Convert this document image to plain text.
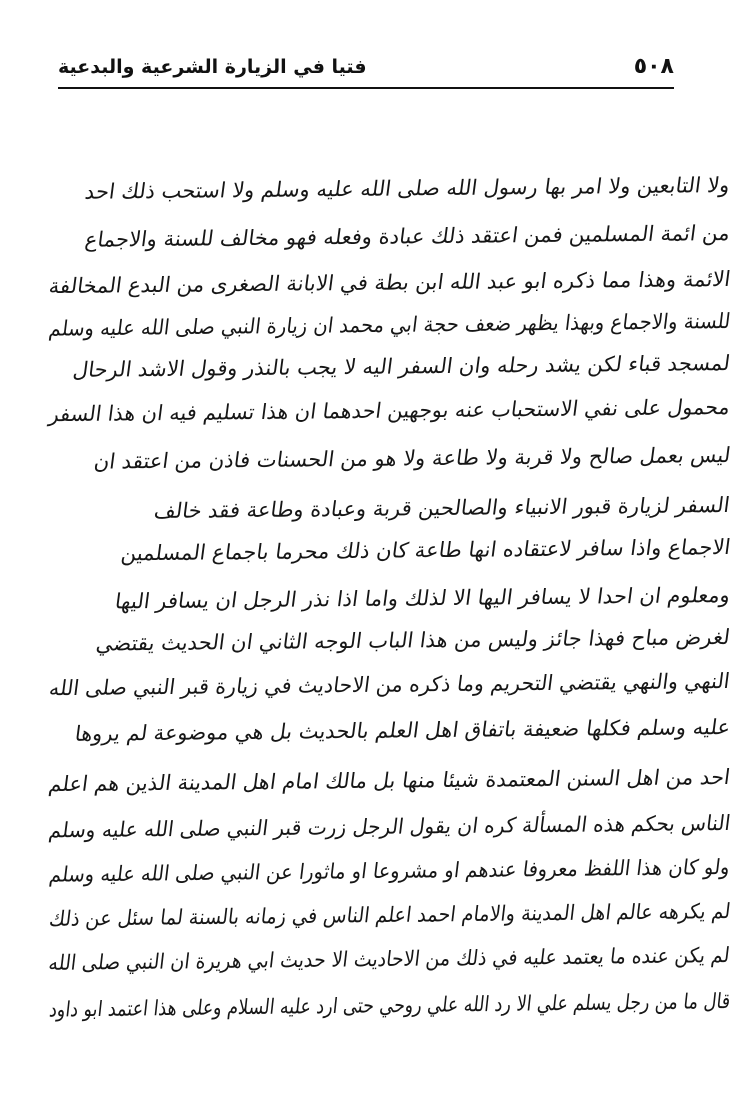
٥٠٨
فتيا في الزيارة الشرعية والبدعية
ولا التابعين ولا امر بها رسول الله صلى الله عليه وسلم ولا استحب ذلك احد
من ائمة المسلمين فمن اعتقد ذلك عبادة وفعله فهو مخالف للسنة والاجماع
الائمة وهذا مما ذكره ابو عبد الله ابن بطة في الابانة الصغرى من البدع المخالفة
للسنة والاجماع وبهذا يظهر ضعف حجة ابي محمد ان زيارة النبي صلى الله عليه وسلم
لمسجد قباء لكن يشد رحله وان السفر اليه لا يجب بالنذر وقول الاشد الرحال
محمول على نفي الاستحباب عنه بوجهين احدهما ان هذا تسليم فيه ان هذا السفر
ليس بعمل صالح ولا قربة ولا طاعة ولا هو من الحسنات فاذن من اعتقد ان
السفر لزيارة قبور الانبياء والصالحين قربة وعبادة وطاعة فقد خالف
الاجماع واذا سافر لاعتقاده انها طاعة كان ذلك محرما باجماع المسلمين
ومعلوم ان احدا لا يسافر اليها الا لذلك واما اذا نذر الرجل ان يسافر اليها
لغرض مباح فهذا جائز وليس من هذا الباب الوجه الثاني ان الحديث يقتضي
النهي والنهي يقتضي التحريم وما ذكره من الاحاديث في زيارة قبر النبي صلى الله
عليه وسلم فكلها ضعيفة باتفاق اهل العلم بالحديث بل هي موضوعة لم يروها
احد من اهل السنن المعتمدة شيئا منها بل مالك امام اهل المدينة الذين هم اعلم
الناس بحكم هذه المسألة كره ان يقول الرجل زرت قبر النبي صلى الله عليه وسلم
ولو كان هذا اللفظ معروفا عندهم او مشروعا او ماثورا عن النبي صلى الله عليه وسلم
لم يكرهه عالم اهل المدينة والامام احمد اعلم الناس في زمانه بالسنة لما سئل عن ذلك
لم يكن عنده ما يعتمد عليه في ذلك من الاحاديث الا حديث ابي هريرة ان النبي صلى الله
قال ما من رجل يسلم علي الا رد الله علي روحي حتى ارد عليه السلام وعلى هذا اعتمد ابو داود
